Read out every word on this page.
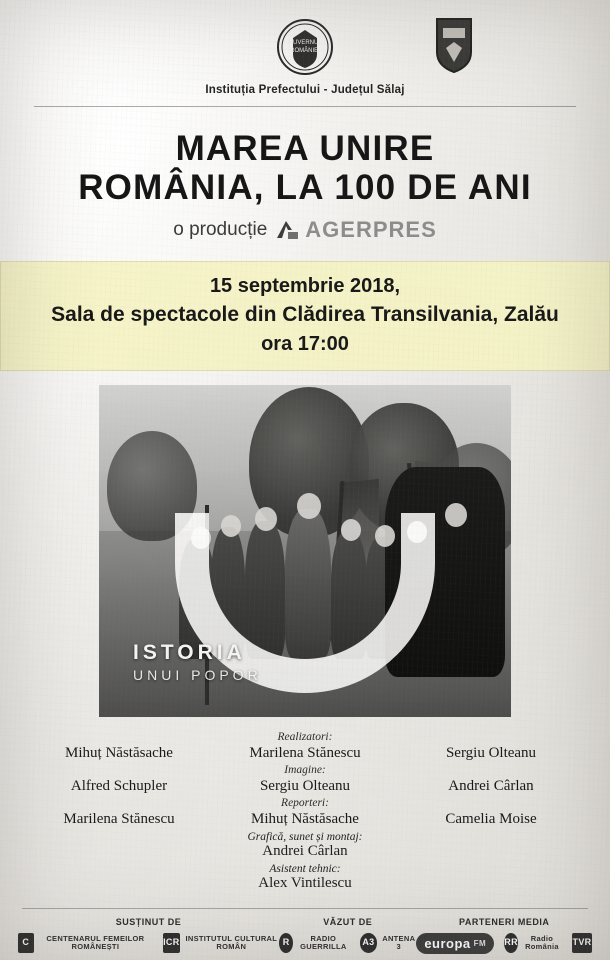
GUVERNUL
ROMÂNIEI
Instituția Prefectului - Județul Sălaj
MAREA UNIRE
ROMÂNIA, LA 100 DE ANI
o producție AGERPRES
15 septembrie 2018,
Sala de spectacole din Clădirea Transilvania, Zalău
ora 17:00
ISTORIA
UNUI POPOR
Realizatori:
Mihuț Năstăsache	Marilena Stănescu	Sergiu Olteanu
Imagine:
Alfred Schupler	Sergiu Olteanu	Andrei Cârlan
Reporteri:
Marilena Stănescu	Mihuț Năstăsache	Camelia Moise
Grafică, sunet și montaj:
Andrei Cârlan
Asistent tehnic:
Alex Vintilescu
SUSȚINUT DE
C	CENTENARUL FEMEILOR ROMÂNEȘTI	ICR INSTITUTUL CULTURAL ROMÂN
VĂZUT DE
R	RADIO GUERRILLA	A3	ANTENA 3
PARTENERI MEDIA
europa FM RR	Radio România	TVR
